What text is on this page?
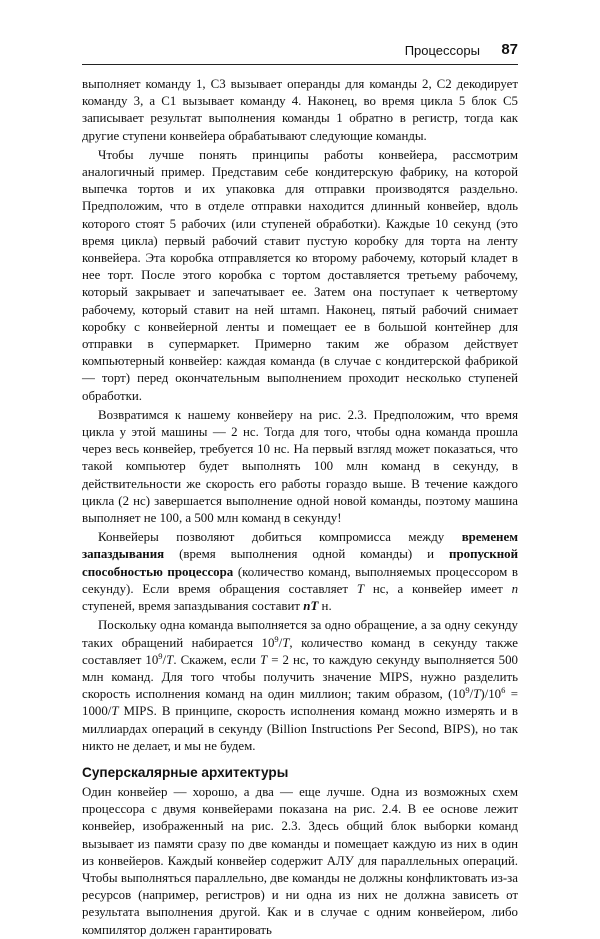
Процессоры 87

выполняет команду 1, C3 вызывает операнды для команды 2, C2 декодирует команду 3, а C1 вызывает команду 4. Наконец, во время цикла 5 блок C5 записывает результат выполнения команды 1 обратно в регистр, тогда как другие ступени конвейера обрабатывают следующие команды.

Чтобы лучше понять принципы работы конвейера, рассмотрим аналогичный пример. Представим себе кондитерскую фабрику, на которой выпечка тортов и их упаковка для отправки производятся раздельно. Предположим, что в отделе отправки находится длинный конвейер, вдоль которого стоят 5 рабочих (или ступеней обработки). Каждые 10 секунд (это время цикла) первый рабочий ставит пустую коробку для торта на ленту конвейера. Эта коробка отправляется ко второму рабочему, который кладет в нее торт. После этого коробка с тортом доставляется третьему рабочему, который закрывает и запечатывает ее. Затем она поступает к четвертому рабочему, который ставит на ней штамп. Наконец, пятый рабочий снимает коробку с конвейерной ленты и помещает ее в большой контейнер для отправки в супермаркет. Примерно таким же образом действует компьютерный конвейер: каждая команда (в случае с кондитерской фабрикой — торт) перед окончательным выполнением проходит несколько ступеней обработки.

Возвратимся к нашему конвейеру на рис. 2.3. Предположим, что время цикла у этой машины — 2 нс. Тогда для того, чтобы одна команда прошла через весь конвейер, требуется 10 нс. На первый взгляд может показаться, что такой компьютер будет выполнять 100 млн команд в секунду, в действительности же скорость его работы гораздо выше. В течение каждого цикла (2 нс) завершается выполнение одной новой команды, поэтому машина выполняет не 100, а 500 млн команд в секунду!

Конвейеры позволяют добиться компромисса между временем запаздывания (время выполнения одной команды) и пропускной способностью процессора (количество команд, выполняемых процессором в секунду). Если время обращения составляет T нс, а конвейер имеет n ступеней, время запаздывания составит nT н.

Поскольку одна команда выполняется за одно обращение, а за одну секунду таких обращений набирается $10^9/T$, количество команд в секунду также составляет $10^9/T$. Скажем, если T = 2 нс, то каждую секунду выполняется 500 млн команд. Для того чтобы получить значение MIPS, нужно разделить скорость исполнения команд на один миллион; таким образом, $(10^9/T)/10^6 = 1000/T$ MIPS. В принципе, скорость исполнения команд можно измерять и в миллиардах операций в секунду (Billion Instructions Per Second, BIPS), но так никто не делает, и мы не будем.

Суперскалярные архитектуры

Один конвейер — хорошо, а два — еще лучше. Одна из возможных схем процессора с двумя конвейерами показана на рис. 2.4. В ее основе лежит конвейер, изображенный на рис. 2.3. Здесь общий блок выборки команд вызывает из памяти сразу по две команды и помещает каждую из них в один из конвейеров. Каждый конвейер содержит АЛУ для параллельных операций. Чтобы выполняться параллельно, две команды не должны конфликтовать из-за ресурсов (например, регистров) и ни одна из них не должна зависеть от результата выполнения другой. Как и в случае с одним конвейером, либо компилятор должен гарантировать
